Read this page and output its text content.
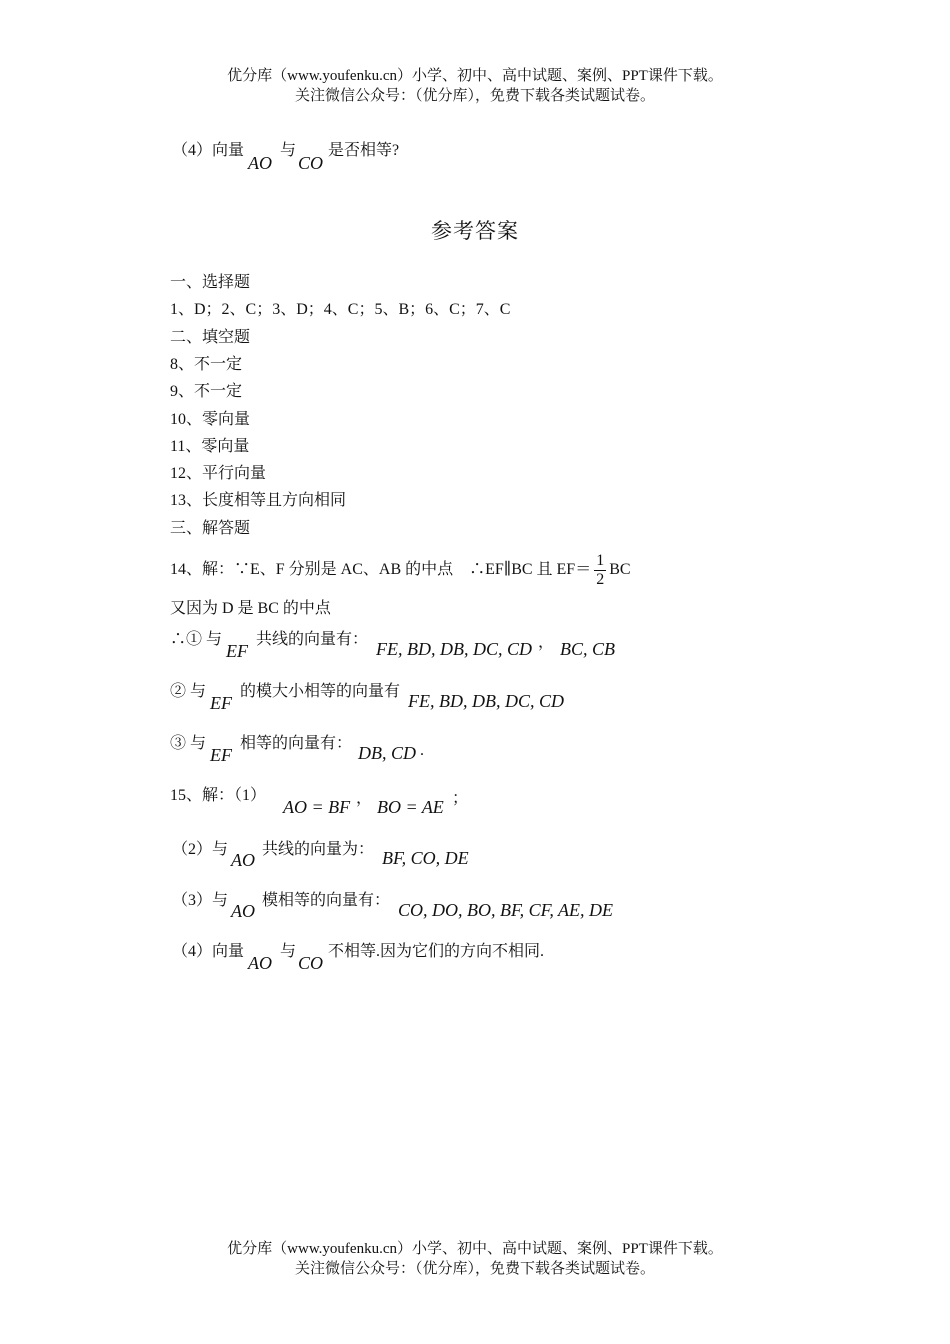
优分库（www.youfenku.cn）小学、初中、高中试题、案例、PPT课件下载。
关注微信公众号：（优分库），免费下载各类试题试卷。
（4）向量
AO
与
CO
是否相等?
参考答案
一、选择题
1、D；2、C；3、D；4、C；5、B；6、C；7、C
二、填空题
8、不一定
9、不一定
10、零向量
11、零向量
12、平行向量
13、长度相等且方向相同
三、解答题
14、解：∵E、F 分别是 AC、AB 的中点　∴EF∥BC 且 $EF= \frac{1}{2}$ BC
又因为 D 是 BC 的中点
∴① 与
EF
共线的向量有： FE, BD, DB, DC, CD ， BC, CB
② 与
EF
的模大小相等的向量有 FE, BD, DB, DC, CD
③ 与
EF
相等的向量有： DB, CD .
15、解：（1）
AO = BF ， BO = AE ；
（2）与
AO
共线的向量为： BF, CO, DE
（3）与
AO
模相等的向量有： CO, DO, BO, BF, CF, AE, DE
（4）向量
AO
与
CO
不相等.因为它们的方向不相同.
优分库（www.youfenku.cn）小学、初中、高中试题、案例、PPT课件下载。
关注微信公众号：（优分库），免费下载各类试题试卷。
